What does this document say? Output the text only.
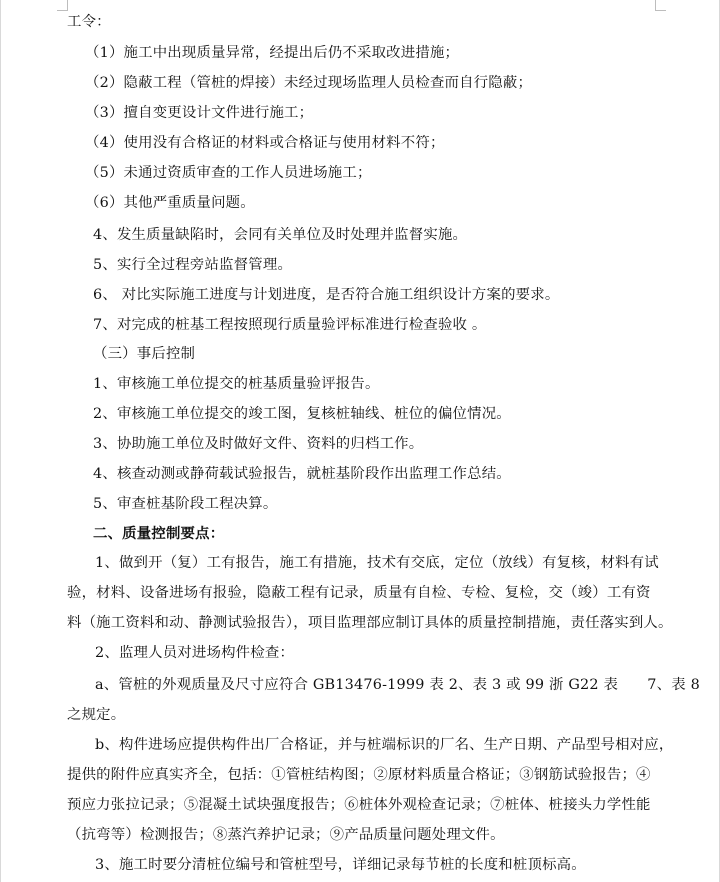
工令：
（1）施工中出现质量异常，经提出后仍不采取改进措施；
（2）隐蔽工程（管桩的焊接）未经过现场监理人员检查而自行隐蔽；
（3）擅自变更设计文件进行施工；
（4）使用没有合格证的材料或合格证与使用材料不符；
（5）未通过资质审查的工作人员进场施工；
（6）其他严重质量问题。
4、发生质量缺陷时，会同有关单位及时处理并监督实施。
5、实行全过程旁站监督管理。
6、 对比实际施工进度与计划进度，是否符合施工组织设计方案的要求。
7、对完成的桩基工程按照现行质量验评标准进行检查验收 。
（三）事后控制
1、审核施工单位提交的桩基质量验评报告。
2、审核施工单位提交的竣工图，复核桩轴线、桩位的偏位情况。
3、协助施工单位及时做好文件、资料的归档工作。
4、核查动测或静荷载试验报告，就桩基阶段作出监理工作总结。
5、审查桩基阶段工程决算。
二、质量控制要点：
1、做到开（复）工有报告，施工有措施，技术有交底，定位（放线）有复核，材料有试
验，材料、设备进场有报验，隐蔽工程有记录，质量有自检、专检、复检，交（竣）工有资
料（施工资料和动、静测试验报告），项目监理部应制订具体的质量控制措施，责任落实到人。
2、监理人员对进场构件检查：
a、管桩的外观质量及尺寸应符合 GB13476-1999 表 2、表 3 或 99 浙 G22 表　　7、表 8
之规定。
b、构件进场应提供构件出厂合格证，并与桩端标识的厂名、生产日期、产品型号相对应，
提供的附件应真实齐全，包括：①管桩结构图；②原材料质量合格证；③钢筋试验报告；④
预应力张拉记录；⑤混凝土试块强度报告；⑥桩体外观检查记录；⑦桩体、桩接头力学性能
（抗弯等）检测报告；⑧蒸汽养护记录；⑨产品质量问题处理文件。
3、施工时要分清桩位编号和管桩型号，详细记录每节桩的长度和桩顶标高。
